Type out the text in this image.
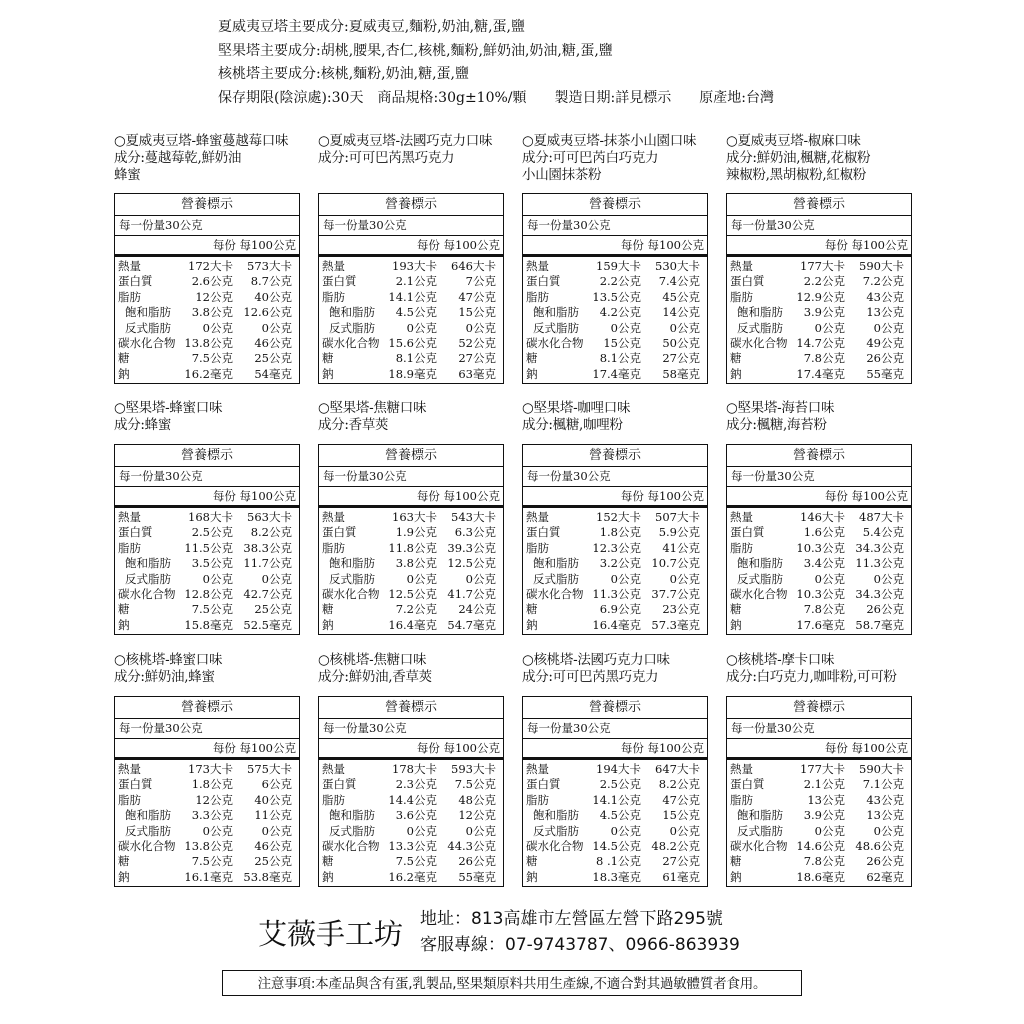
夏威夷豆塔主要成分:夏威夷豆,麵粉,奶油,糖,蛋,鹽
堅果塔主要成分:胡桃,腰果,杏仁,核桃,麵粉,鮮奶油,奶油,糖,蛋,鹽
核桃塔主要成分:核桃,麵粉,奶油,糖,蛋,鹽
保存期限(陰涼處):30天　商品規格:30g±10%/顆　　製造日期:詳見標示　　原產地:台灣
○夏威夷豆塔-蜂蜜蔓越莓口味
成分:蔓越莓乾,鮮奶油
蜂蜜
營養標示
每一份量30公克
每份 每100公克
熱量	172大卡	573大卡
蛋白質	2.6公克	8.7公克
脂肪	12公克	40公克
飽和脂肪	3.8公克 12.6公克
反式脂肪	0公克	0公克
碳水化合物 13.8公克	46公克
糖	7.5公克	25公克
鈉	16.2毫克	54毫克
○夏威夷豆塔-法國巧克力口味
成分:可可巴芮黑巧克力
營養標示
每一份量30公克
每份 每100公克
熱量	193大卡	646大卡
蛋白質	2.1公克	7公克
脂肪	14.1公克	47公克
飽和脂肪	4.5公克	15公克
反式脂肪	0公克	0公克
碳水化合物 15.6公克	52公克
糖	8.1公克	27公克
鈉	18.9毫克	63毫克
○夏威夷豆塔-抹茶小山園口味
成分:可可巴芮白巧克力
小山園抹茶粉
營養標示
每一份量30公克
每份 每100公克
熱量	159大卡	530大卡
蛋白質	2.2公克	7.4公克
脂肪	13.5公克	45公克
飽和脂肪	4.2公克	14公克
反式脂肪	0公克	0公克
碳水化合物	15公克	50公克
糖	8.1公克	27公克
鈉	17.4毫克	58毫克
○夏威夷豆塔-椒麻口味
成分:鮮奶油,楓糖,花椒粉
辣椒粉,黑胡椒粉,紅椒粉
營養標示
每一份量30公克
每份 每100公克
熱量	177大卡	590大卡
蛋白質	2.2公克	7.2公克
脂肪	12.9公克	43公克
飽和脂肪	3.9公克	13公克
反式脂肪	0公克	0公克
碳水化合物 14.7公克	49公克
糖	7.8公克	26公克
鈉	17.4毫克	55毫克
○堅果塔-蜂蜜口味
成分:蜂蜜
營養標示
每一份量30公克
每份 每100公克
熱量	168大卡	563大卡
蛋白質	2.5公克	8.2公克
脂肪	11.5公克 38.3公克
飽和脂肪	3.5公克 11.7公克
反式脂肪	0公克	0公克
碳水化合物 12.8公克 42.7公克
糖	7.5公克	25公克
鈉	15.8毫克 52.5毫克
○堅果塔-焦糖口味
成分:香草莢
營養標示
每一份量30公克
每份 每100公克
熱量	163大卡	543大卡
蛋白質	1.9公克	6.3公克
脂肪	11.8公克 39.3公克
飽和脂肪	3.8公克 12.5公克
反式脂肪	0公克	0公克
碳水化合物 12.5公克 41.7公克
糖	7.2公克	24公克
鈉	16.4毫克 54.7毫克
○堅果塔-咖哩口味
成分:楓糖,咖哩粉
營養標示
每一份量30公克
每份 每100公克
熱量	152大卡	507大卡
蛋白質	1.8公克	5.9公克
脂肪	12.3公克	41公克
飽和脂肪	3.2公克 10.7公克
反式脂肪	0公克	0公克
碳水化合物 11.3公克 37.7公克
糖	6.9公克	23公克
鈉	16.4毫克 57.3毫克
○堅果塔-海苔口味
成分:楓糖,海苔粉
營養標示
每一份量30公克
每份 每100公克
熱量	146大卡	487大卡
蛋白質	1.6公克	5.4公克
脂肪	10.3公克 34.3公克
飽和脂肪	3.4公克 11.3公克
反式脂肪	0公克	0公克
碳水化合物 10.3公克 34.3公克
糖	7.8公克	26公克
鈉	17.6毫克 58.7毫克
○核桃塔-蜂蜜口味
成分:鮮奶油,蜂蜜
營養標示
每一份量30公克
每份 每100公克
熱量	173大卡	575大卡
蛋白質	1.8公克	6公克
脂肪	12公克	40公克
飽和脂肪	3.3公克	11公克
反式脂肪	0公克	0公克
碳水化合物 13.8公克	46公克
糖	7.5公克	25公克
鈉	16.1毫克 53.8毫克
○核桃塔-焦糖口味
成分:鮮奶油,香草莢
營養標示
每一份量30公克
每份 每100公克
熱量	178大卡	593大卡
蛋白質	2.3公克	7.5公克
脂肪	14.4公克	48公克
飽和脂肪	3.6公克	12公克
反式脂肪	0公克	0公克
碳水化合物 13.3公克 44.3公克
糖	7.5公克	26公克
鈉	16.2毫克	55毫克
○核桃塔-法國巧克力口味
成分:可可巴芮黑巧克力
營養標示
每一份量30公克
每份 每100公克
熱量	194大卡	647大卡
蛋白質	2.5公克	8.2公克
脂肪	14.1公克	47公克
飽和脂肪	4.5公克	15公克
反式脂肪	0公克	0公克
碳水化合物 14.5公克 48.2公克
糖	8 .1公克	27公克
鈉	18.3毫克	61毫克
○核桃塔-摩卡口味
成分:白巧克力,咖啡粉,可可粉
營養標示
每一份量30公克
每份 每100公克
熱量	177大卡	590大卡
蛋白質	2.1公克	7.1公克
脂肪	13公克	43公克
飽和脂肪	3.9公克	13公克
反式脂肪	0公克	0公克
碳水化合物 14.6公克 48.6公克
糖	7.8公克	26公克
鈉	18.6毫克	62毫克
艾薇手工坊 地址：813高雄市左營區左營下路295號
客服專線：07-9743787、0966-863939
注意事項:本產品與含有蛋,乳製品,堅果類原料共用生產線,不適合對其過敏體質者食用。
